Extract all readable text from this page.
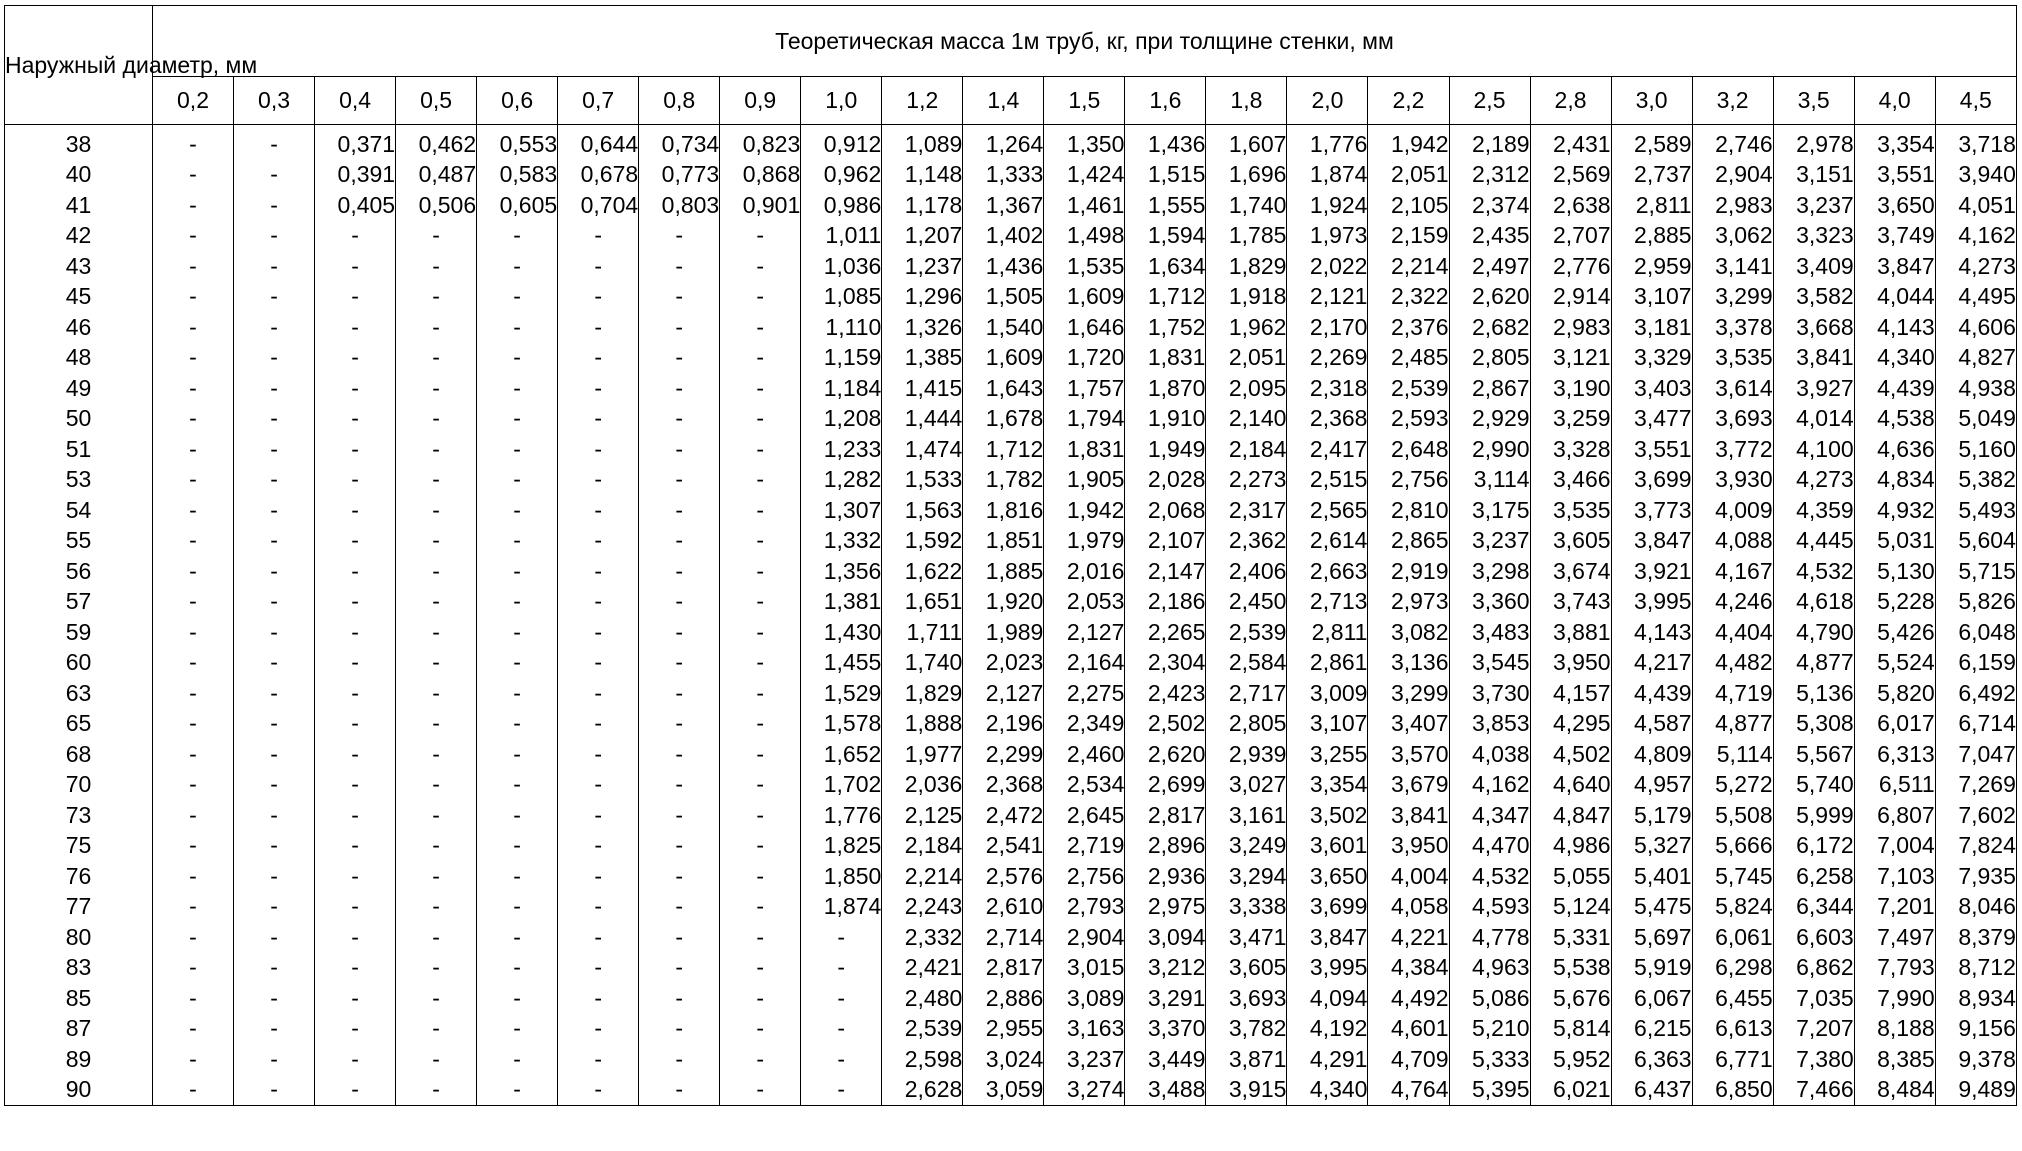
Наружный диаметр, мм	Теоретическая масса 1м труб, кг, при толщине стенки, мм																						
	0,2	0,3	0,4	0,5	0,6	0,7	0,8	0,9	1,0	1,2	1,4	1,5	1,6	1,8	2,0	2,2	2,5	2,8	3,0	3,2	3,5	4,0	4,5

38	-	-	0,371	0,462	0,553	0,644	0,734	0,823	0,912	1,089	1,264	1,350	1,436	1,607	1,776	1,942	2,189	2,431	2,589	2,746	2,978	3,354	3,718
40	-	-	0,391	0,487	0,583	0,678	0,773	0,868	0,962	1,148	1,333	1,424	1,515	1,696	1,874	2,051	2,312	2,569	2,737	2,904	3,151	3,551	3,940
41	-	-	0,405	0,506	0,605	0,704	0,803	0,901	0,986	1,178	1,367	1,461	1,555	1,740	1,924	2,105	2,374	2,638	2,811	2,983	3,237	3,650	4,051
42	-	-	-	-	-	-	-	-	1,011	1,207	1,402	1,498	1,594	1,785	1,973	2,159	2,435	2,707	2,885	3,062	3,323	3,749	4,162
43	-	-	-	-	-	-	-	-	1,036	1,237	1,436	1,535	1,634	1,829	2,022	2,214	2,497	2,776	2,959	3,141	3,409	3,847	4,273
45	-	-	-	-	-	-	-	-	1,085	1,296	1,505	1,609	1,712	1,918	2,121	2,322	2,620	2,914	3,107	3,299	3,582	4,044	4,495
46	-	-	-	-	-	-	-	-	1,110	1,326	1,540	1,646	1,752	1,962	2,170	2,376	2,682	2,983	3,181	3,378	3,668	4,143	4,606
48	-	-	-	-	-	-	-	-	1,159	1,385	1,609	1,720	1,831	2,051	2,269	2,485	2,805	3,121	3,329	3,535	3,841	4,340	4,827
49	-	-	-	-	-	-	-	-	1,184	1,415	1,643	1,757	1,870	2,095	2,318	2,539	2,867	3,190	3,403	3,614	3,927	4,439	4,938
50	-	-	-	-	-	-	-	-	1,208	1,444	1,678	1,794	1,910	2,140	2,368	2,593	2,929	3,259	3,477	3,693	4,014	4,538	5,049
51	-	-	-	-	-	-	-	-	1,233	1,474	1,712	1,831	1,949	2,184	2,417	2,648	2,990	3,328	3,551	3,772	4,100	4,636	5,160
53	-	-	-	-	-	-	-	-	1,282	1,533	1,782	1,905	2,028	2,273	2,515	2,756	3,114	3,466	3,699	3,930	4,273	4,834	5,382
54	-	-	-	-	-	-	-	-	1,307	1,563	1,816	1,942	2,068	2,317	2,565	2,810	3,175	3,535	3,773	4,009	4,359	4,932	5,493
55	-	-	-	-	-	-	-	-	1,332	1,592	1,851	1,979	2,107	2,362	2,614	2,865	3,237	3,605	3,847	4,088	4,445	5,031	5,604
56	-	-	-	-	-	-	-	-	1,356	1,622	1,885	2,016	2,147	2,406	2,663	2,919	3,298	3,674	3,921	4,167	4,532	5,130	5,715
57	-	-	-	-	-	-	-	-	1,381	1,651	1,920	2,053	2,186	2,450	2,713	2,973	3,360	3,743	3,995	4,246	4,618	5,228	5,826
59	-	-	-	-	-	-	-	-	1,430	1,711	1,989	2,127	2,265	2,539	2,811	3,082	3,483	3,881	4,143	4,404	4,790	5,426	6,048
60	-	-	-	-	-	-	-	-	1,455	1,740	2,023	2,164	2,304	2,584	2,861	3,136	3,545	3,950	4,217	4,482	4,877	5,524	6,159
63	-	-	-	-	-	-	-	-	1,529	1,829	2,127	2,275	2,423	2,717	3,009	3,299	3,730	4,157	4,439	4,719	5,136	5,820	6,492
65	-	-	-	-	-	-	-	-	1,578	1,888	2,196	2,349	2,502	2,805	3,107	3,407	3,853	4,295	4,587	4,877	5,308	6,017	6,714
68	-	-	-	-	-	-	-	-	1,652	1,977	2,299	2,460	2,620	2,939	3,255	3,570	4,038	4,502	4,809	5,114	5,567	6,313	7,047
70	-	-	-	-	-	-	-	-	1,702	2,036	2,368	2,534	2,699	3,027	3,354	3,679	4,162	4,640	4,957	5,272	5,740	6,511	7,269
73	-	-	-	-	-	-	-	-	1,776	2,125	2,472	2,645	2,817	3,161	3,502	3,841	4,347	4,847	5,179	5,508	5,999	6,807	7,602
75	-	-	-	-	-	-	-	-	1,825	2,184	2,541	2,719	2,896	3,249	3,601	3,950	4,470	4,986	5,327	5,666	6,172	7,004	7,824
76	-	-	-	-	-	-	-	-	1,850	2,214	2,576	2,756	2,936	3,294	3,650	4,004	4,532	5,055	5,401	5,745	6,258	7,103	7,935
77	-	-	-	-	-	-	-	-	1,874	2,243	2,610	2,793	2,975	3,338	3,699	4,058	4,593	5,124	5,475	5,824	6,344	7,201	8,046
80	-	-	-	-	-	-	-	-	-	2,332	2,714	2,904	3,094	3,471	3,847	4,221	4,778	5,331	5,697	6,061	6,603	7,497	8,379
83	-	-	-	-	-	-	-	-	-	2,421	2,817	3,015	3,212	3,605	3,995	4,384	4,963	5,538	5,919	6,298	6,862	7,793	8,712
85	-	-	-	-	-	-	-	-	-	2,480	2,886	3,089	3,291	3,693	4,094	4,492	5,086	5,676	6,067	6,455	7,035	7,990	8,934
87	-	-	-	-	-	-	-	-	-	2,539	2,955	3,163	3,370	3,782	4,192	4,601	5,210	5,814	6,215	6,613	7,207	8,188	9,156
89	-	-	-	-	-	-	-	-	-	2,598	3,024	3,237	3,449	3,871	4,291	4,709	5,333	5,952	6,363	6,771	7,380	8,385	9,378
90	-	-	-	-	-	-	-	-	-	2,628	3,059	3,274	3,488	3,915	4,340	4,764	5,395	6,021	6,437	6,850	7,466	8,484	9,489
